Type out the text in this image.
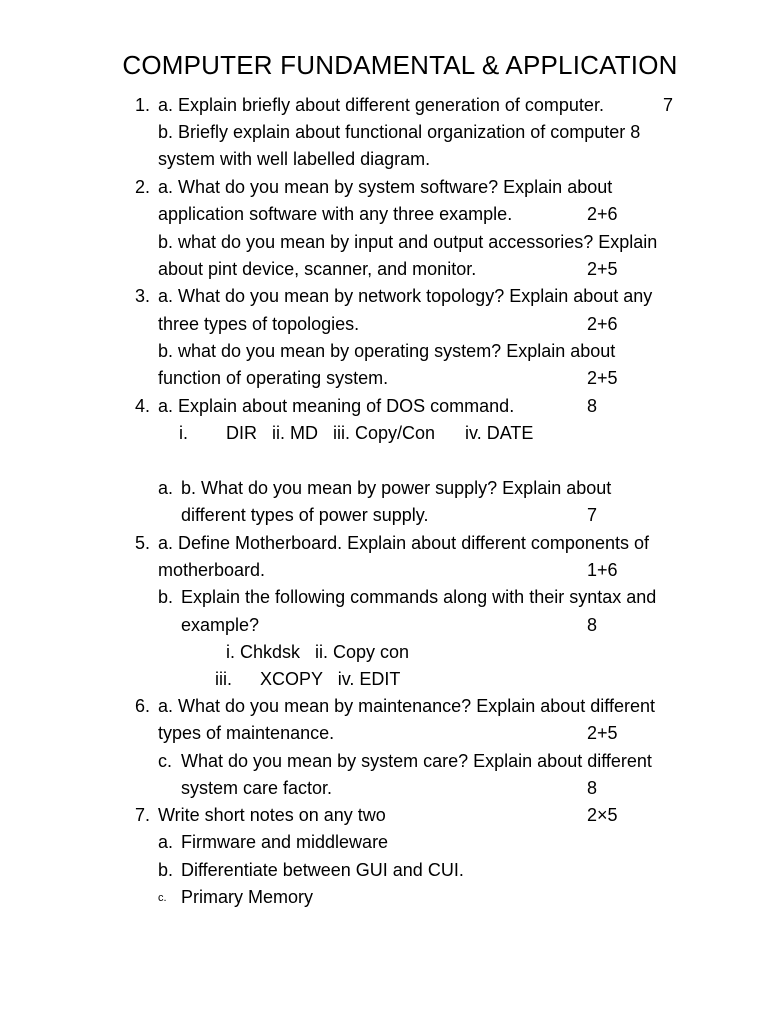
COMPUTER FUNDAMENTAL & APPLICATION
1. a. Explain briefly about different generation of computer.	7
b. Briefly explain about functional organization of computer 8
system with well labelled diagram.
2. a. What do you mean by system software? Explain about
application software with any three example.	2+6
b. what do you mean by input and output accessories? Explain
about pint device, scanner, and monitor.	2+5
3. a. What do you mean by network topology? Explain about any
three types of topologies.	2+6
b. what do you mean by operating system? Explain about
function of operating system.	2+5
4. a. Explain about meaning of DOS command.	8
i. DIR   ii. MD   iii. Copy/Con      iv. DATE
a. b. What do you mean by power supply? Explain about
different types of power supply.	7
5. a. Define Motherboard. Explain about different components of
motherboard.	1+6
b. Explain the following commands along with their syntax and
example?	8
i. Chkdsk   ii. Copy con
iii. XCOPY   iv. EDIT
6. a. What do you mean by maintenance? Explain about different
types of maintenance.	2+5
c. What do you mean by system care? Explain about different
system care factor.	8
7. Write short notes on any two	2×5
a. Firmware and middleware
b. Differentiate between GUI and CUI.
c. Primary Memory
